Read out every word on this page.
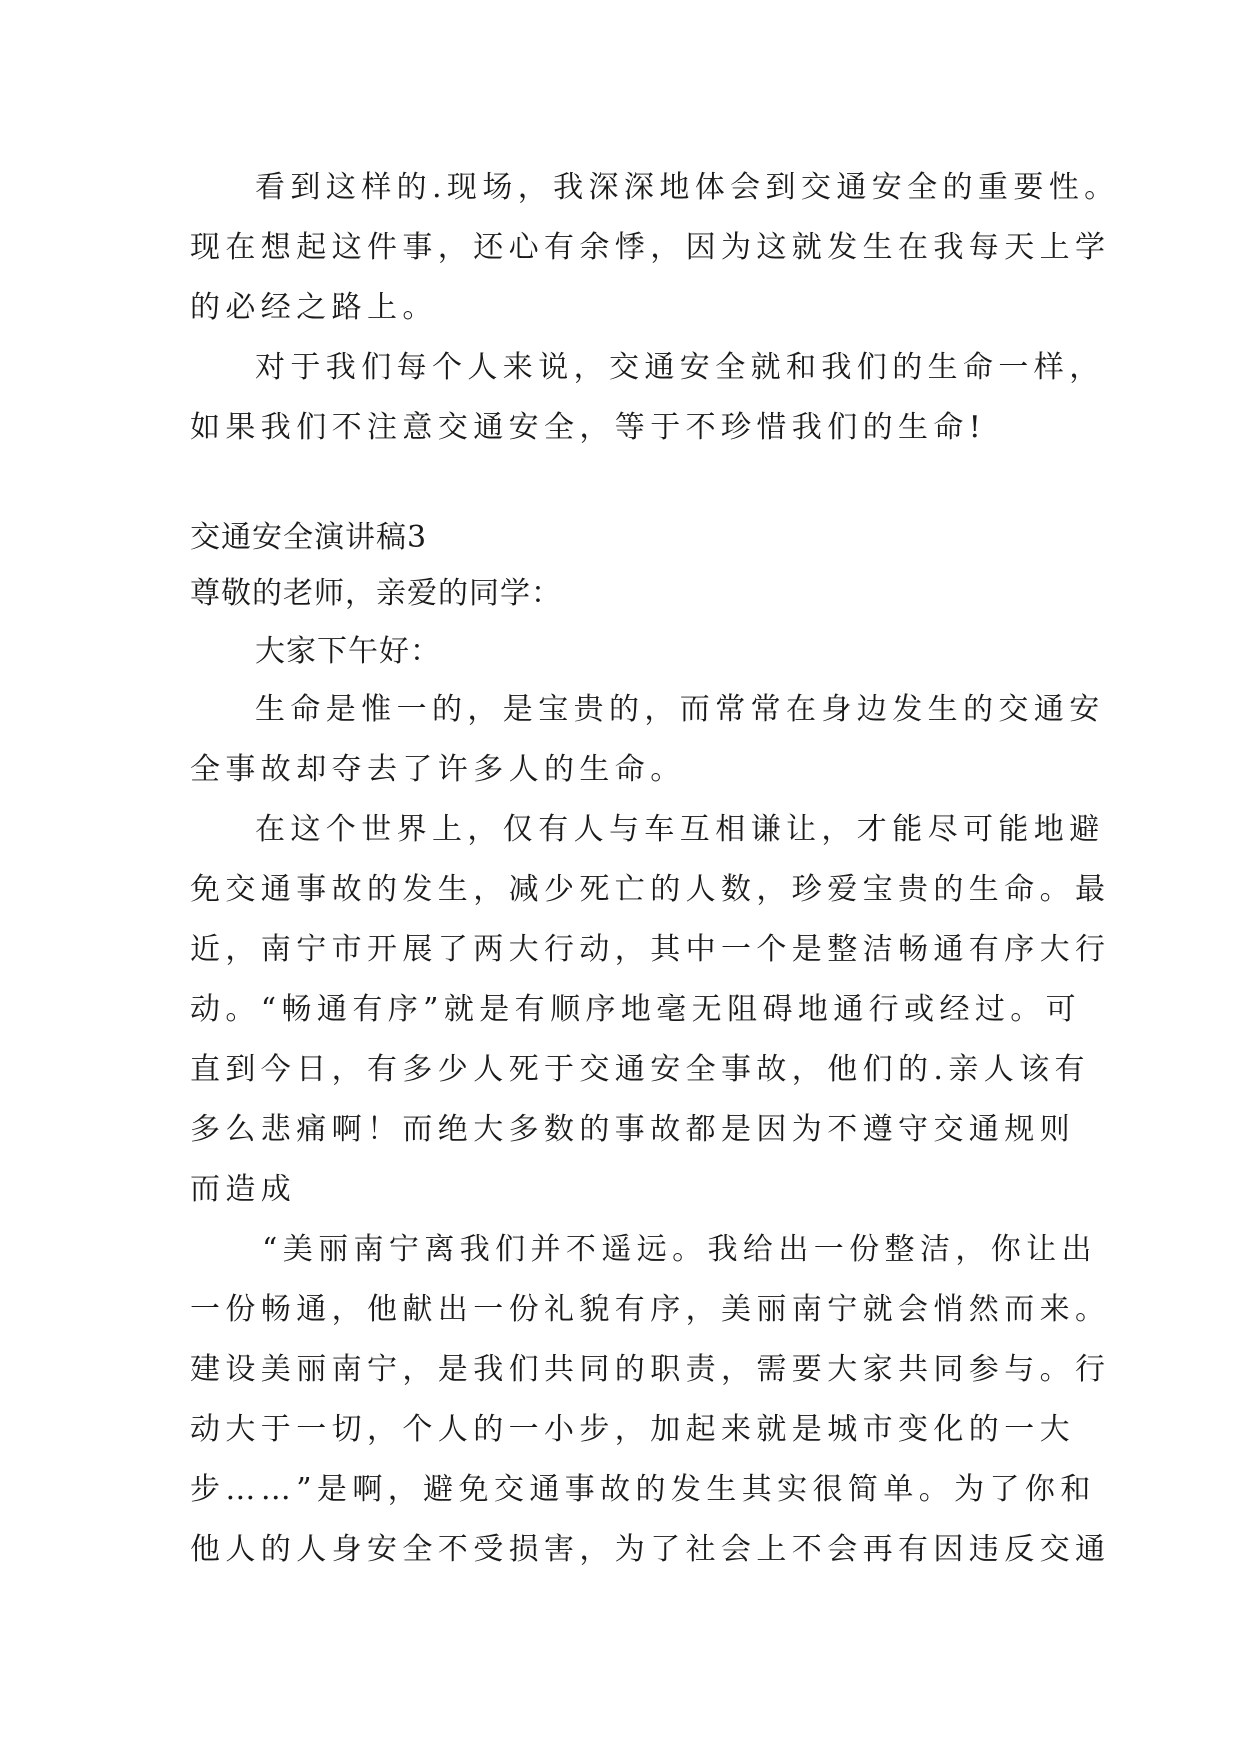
看到这样的.现场，我深深地体会到交通安全的重要性。
现在想起这件事，还心有余悸，因为这就发生在我每天上学
的必经之路上。
对于我们每个人来说，交通安全就和我们的生命一样，
如果我们不注意交通安全，等于不珍惜我们的生命!
交通安全演讲稿3
尊敬的老师，亲爱的同学：
大家下午好：
生命是惟一的，是宝贵的，而常常在身边发生的交通安
全事故却夺去了许多人的生命。
在这个世界上，仅有人与车互相谦让，才能尽可能地避
免交通事故的发生，减少死亡的人数，珍爱宝贵的生命。最
近，南宁市开展了两大行动，其中一个是整洁畅通有序大行
动。“畅通有序”就是有顺序地毫无阻碍地通行或经过。可
直到今日，有多少人死于交通安全事故，他们的.亲人该有
多么悲痛啊！而绝大多数的事故都是因为不遵守交通规则
而造成
“美丽南宁离我们并不遥远。我给出一份整洁，你让出
一份畅通，他献出一份礼貌有序，美丽南宁就会悄然而来。
建设美丽南宁，是我们共同的职责，需要大家共同参与。行
动大于一切，个人的一小步，加起来就是城市变化的一大
步……”是啊，避免交通事故的发生其实很简单。为了你和
他人的人身安全不受损害，为了社会上不会再有因违反交通
